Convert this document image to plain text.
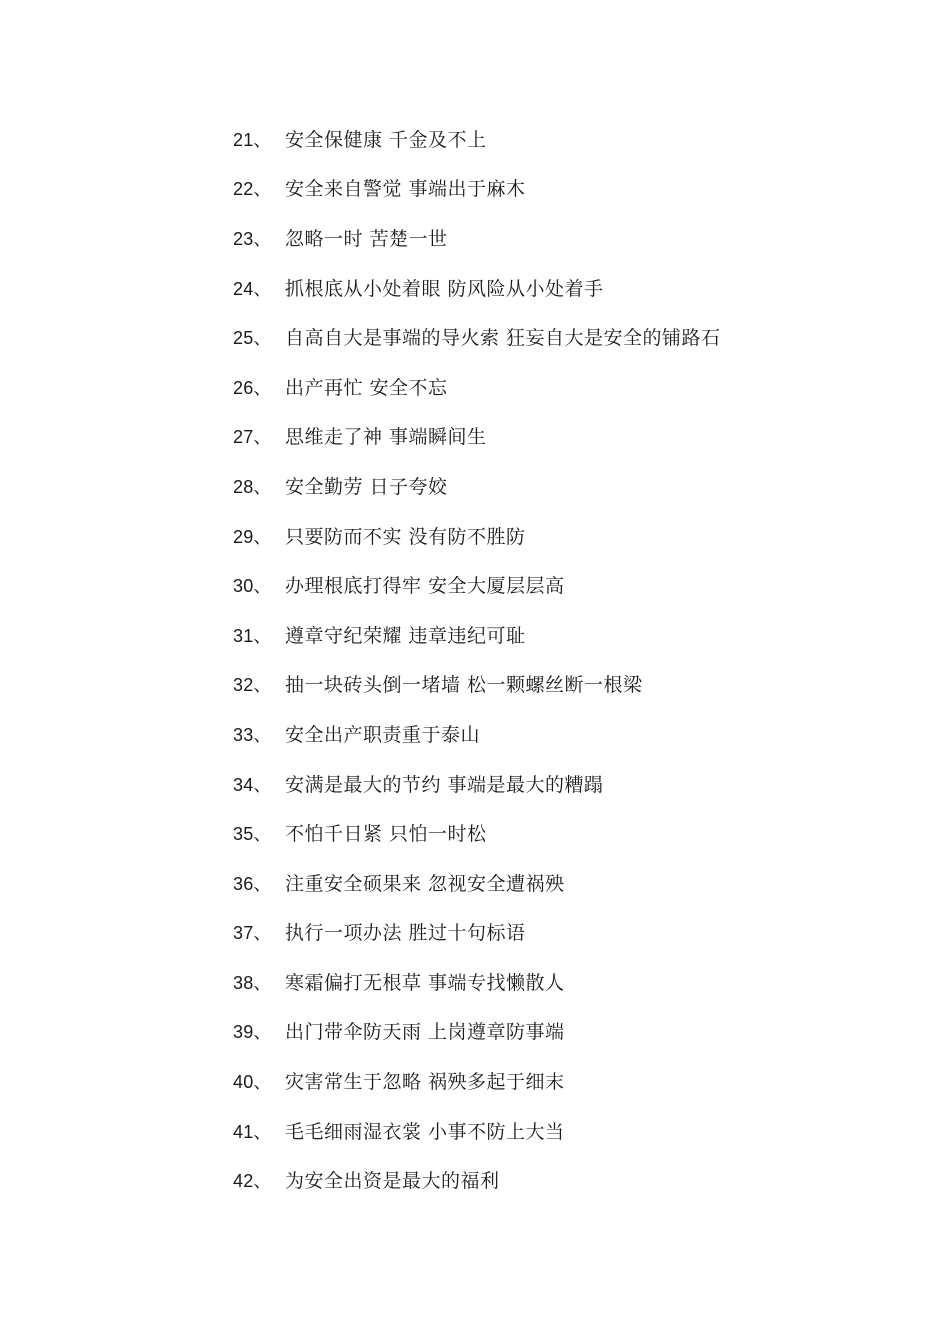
21、 安全保健康 千金及不上
22、 安全来自警觉 事端出于麻木
23、 忽略一时 苦楚一世
24、 抓根底从小处着眼 防风险从小处着手
25、 自高自大是事端的导火索 狂妄自大是安全的铺路石
26、 出产再忙 安全不忘
27、 思维走了神 事端瞬间生
28、 安全勤劳 日子夸姣
29、 只要防而不实 没有防不胜防
30、 办理根底打得牢 安全大厦层层高
31、 遵章守纪荣耀 违章违纪可耻
32、 抽一块砖头倒一堵墙 松一颗螺丝断一根梁
33、 安全出产职责重于泰山
34、 安满是最大的节约 事端是最大的糟蹋
35、 不怕千日紧 只怕一时松
36、 注重安全硕果来 忽视安全遭祸殃
37、 执行一项办法 胜过十句标语
38、 寒霜偏打无根草 事端专找懒散人
39、 出门带伞防天雨 上岗遵章防事端
40、 灾害常生于忽略 祸殃多起于细末
41、 毛毛细雨湿衣裳 小事不防上大当
42、 为安全出资是最大的福利
